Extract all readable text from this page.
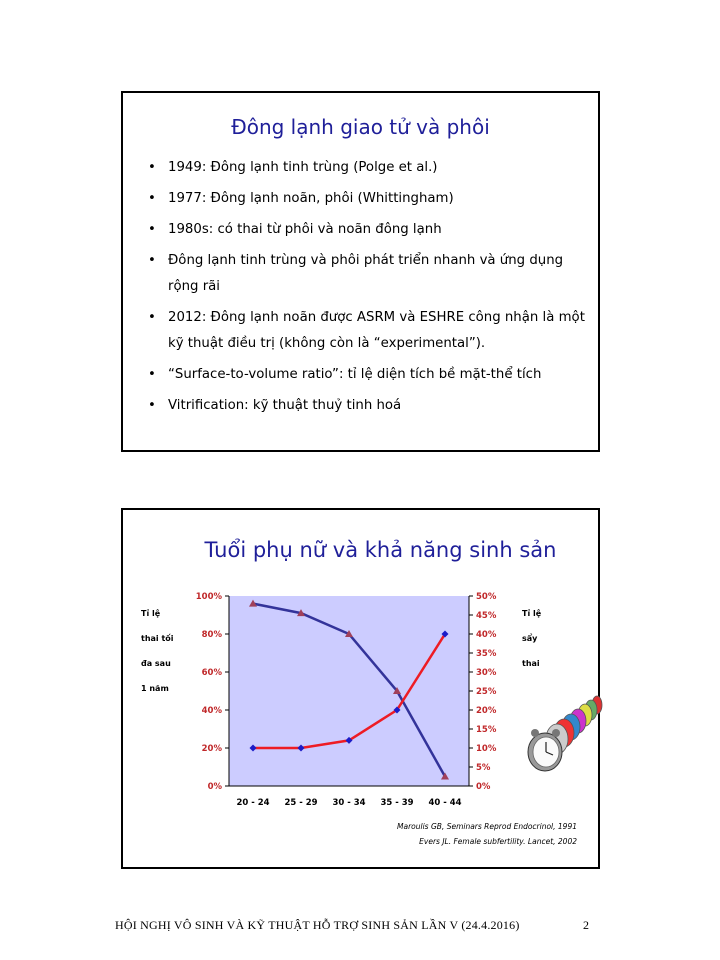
Đông lạnh giao tử và phôi
• 1949: Đông lạnh tinh trùng (Polge et al.)
• 1977: Đông lạnh noãn, phôi (Whittingham)
• 1980s: có thai từ phôi và noãn đông lạnh
• Đông lạnh tinh trùng và phôi phát triển nhanh và ứng dụng rộng rãi
• 2012: Đông lạnh noãn được ASRM và ESHRE công nhận là một kỹ thuật điều trị (không còn là “experimental”).
• “Surface-to-volume ratio”: tỉ lệ diện tích bề mặt-thể tích
• Vitrification: kỹ thuật thuỷ tinh hoá
Tuổi phụ nữ và khả năng sinh sản
Tỉ lệ
thai tối
đa sau
1 năm
Tỉ lệ
sẩy
thai
0%
20%
40%
60%
80%
100%
0%
5%
10%
15%
20%
25%
30%
35%
40%
45%
50%
20 - 24 25 - 29 30 - 34 35 - 39 40 - 44
Maroulis GB, Seminars Reprod Endocrinol, 1991
Evers JL. Female subfertility. Lancet, 2002
HỘI NGHỊ VÔ SINH VÀ KỸ THUẬT HỖ TRỢ SINH SẢN LẦN V (24.4.2016)	2
